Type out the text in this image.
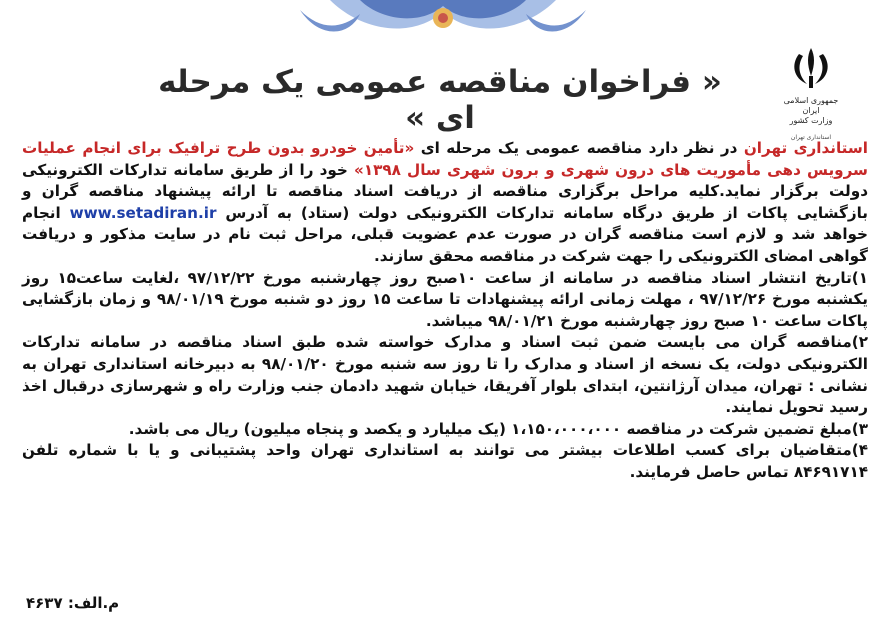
جمهوری اسلامی ایران
وزارت کشور
استانداری تهران
« فراخوان مناقصه عمومی یک مرحله ای »

استانداری تهران در نظر دارد مناقصه عمومی یک مرحله ای «تأمین خودرو بدون طرح ترافیک برای انجام عملیات سرویس دهی مأموریت های درون شهری و برون شهری سال ۱۳۹۸» خود را از طریق سامانه تدارکات الکترونیکی دولت برگزار نماید.کلیه مراحل برگزاری مناقصه از دریافت اسناد مناقصه تا ارائه پیشنهاد مناقصه گران و بازگشایی پاکات از طریق درگاه سامانه تدارکات الکترونیکی دولت (ستاد) به آدرس www.setadiran.ir انجام خواهد شد و لازم است مناقصه گران در صورت عدم عضویت قبلی، مراحل ثبت نام در سایت مذکور و دریافت گواهی امضای الکترونیکی را جهت شرکت در مناقصه محقق سازند.

۱)تاریخ انتشار اسناد مناقصه در سامانه از ساعت ۱۰صبح روز چهارشنبه مورخ ۹۷/۱۲/۲۲ ،لغایت ساعت۱۵ روز یکشنبه مورخ ۹۷/۱۲/۲۶ ، مهلت زمانی ارائه پیشنهادات تا ساعت ۱۵ روز دو شنبه مورخ ۹۸/۰۱/۱۹ و زمان بازگشایی پاکات ساعت ۱۰ صبح روز چهارشنبه مورخ ۹۸/۰۱/۲۱ میباشد.

۲)مناقصه گران می بایست ضمن ثبت اسناد و مدارک خواسته شده طبق اسناد مناقصه در سامانه تدارکات الکترونیکی دولت، یک نسخه از اسناد و مدارک را تا روز سه شنبه مورخ ۹۸/۰۱/۲۰ به دبیرخانه استانداری تهران به نشانی : تهران، میدان آرژانتین، ابتدای بلوار آفریقا، خیابان شهید دادمان جنب وزارت راه و شهرسازی درقبال اخذ رسید تحویل نمایند.

۳)مبلغ تضمین شرکت در مناقصه ۱،۱۵۰،۰۰۰،۰۰۰ (یک میلیارد و یکصد و پنجاه میلیون) ریال می باشد.

۴)متقاضیان برای کسب اطلاعات بیشتر می توانند به استانداری تهران واحد پشتیبانی و یا با شماره تلفن ۸۴۶۹۱۷۱۴ تماس حاصل فرمایند.

م.الف: ۴۶۳۷
